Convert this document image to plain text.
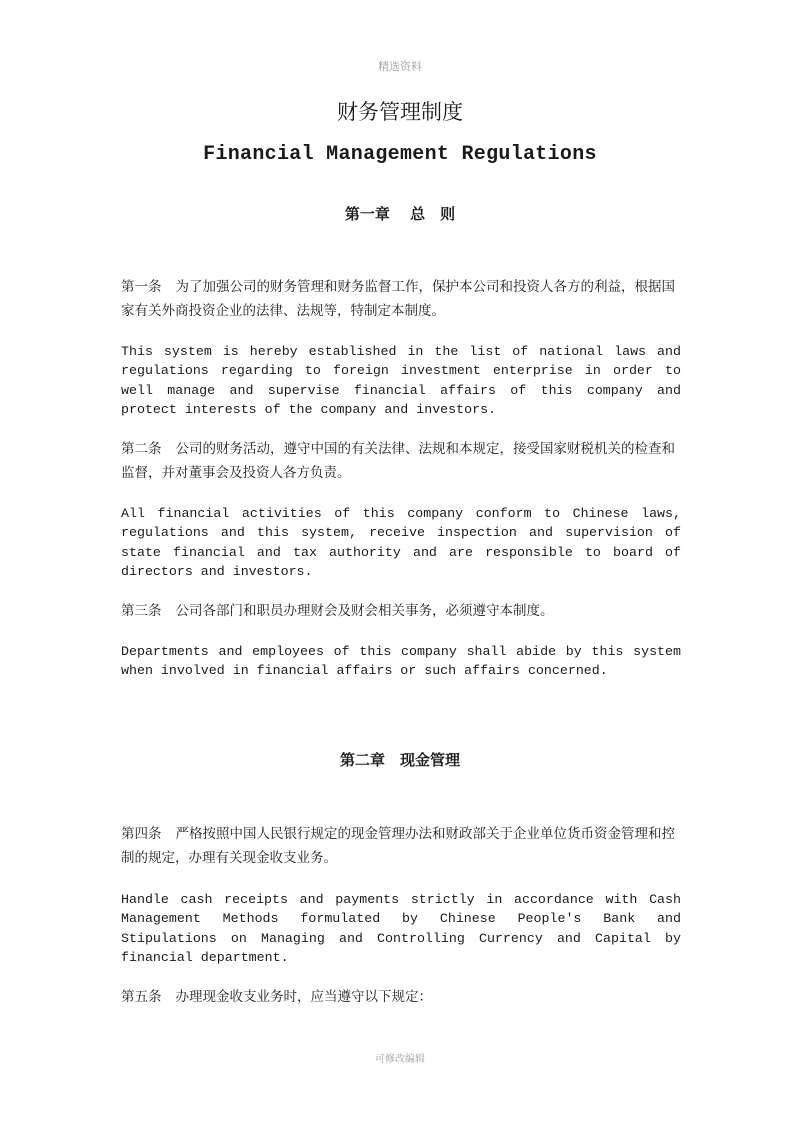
精选资料
财务管理制度
Financial Management Regulations
第一章　 总　则
第一条 为了加强公司的财务管理和财务监督工作，保护本公司和投资人各方的利益，根据国家有关外商投资企业的法律、法规等，特制定本制度。
This system is hereby established in the list of national laws and regulations regarding to foreign investment enterprise in order to well manage and supervise financial affairs of this company and protect interests of the company and investors.
第二条 公司的财务活动，遵守中国的有关法律、法规和本规定，接受国家财税机关的检查和监督，并对董事会及投资人各方负责。
All financial activities of this company conform to Chinese laws, regulations and this system, receive inspection and supervision of state financial and tax authority and are responsible to board of directors and investors.
第三条 公司各部门和职员办理财会及财会相关事务，必须遵守本制度。
Departments and employees of this company shall abide by this system when involved in financial affairs or such affairs concerned.
第二章　现金管理
第四条 严格按照中国人民银行规定的现金管理办法和财政部关于企业单位货币资金管理和控制的规定，办理有关现金收支业务。
Handle cash receipts and payments strictly in accordance with Cash Management Methods formulated by Chinese People's Bank and Stipulations on Managing and Controlling Currency and Capital by financial department.
第五条 办理现金收支业务时，应当遵守以下规定：
可修改编辑
